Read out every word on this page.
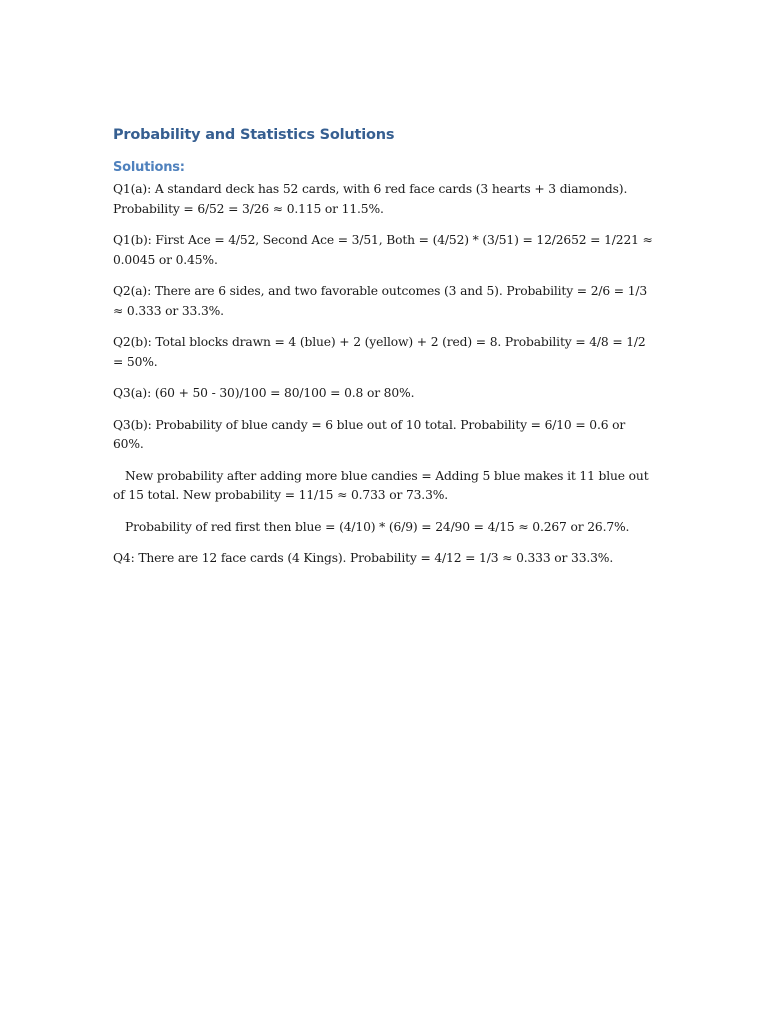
Probability and Statistics Solutions
Solutions:

Q1(a): A standard deck has 52 cards, with 6 red face cards (3 hearts + 3 diamonds). Probability = 6/52 = 3/26 ≈ 0.115 or 11.5%.

Q1(b): First Ace = 4/52, Second Ace = 3/51, Both = (4/52) * (3/51) = 12/2652 = 1/221 ≈ 0.0045 or 0.45%.

Q2(a): There are 6 sides, and two favorable outcomes (3 and 5). Probability = 2/6 = 1/3 ≈ 0.333 or 33.3%.

Q2(b): Total blocks drawn = 4 (blue) + 2 (yellow) + 2 (red) = 8. Probability = 4/8 = 1/2 = 50%.

Q3(a): (60 + 50 - 30)/100 = 80/100 = 0.8 or 80%.

Q3(b): Probability of blue candy = 6 blue out of 10 total. Probability = 6/10 = 0.6 or 60%.

New probability after adding more blue candies = Adding 5 blue makes it 11 blue out of 15 total. New probability = 11/15 ≈ 0.733 or 73.3%.

Probability of red first then blue = (4/10) * (6/9) = 24/90 = 4/15 ≈ 0.267 or 26.7%.

Q4: There are 12 face cards (4 Kings). Probability = 4/12 = 1/3 ≈ 0.333 or 33.3%.
